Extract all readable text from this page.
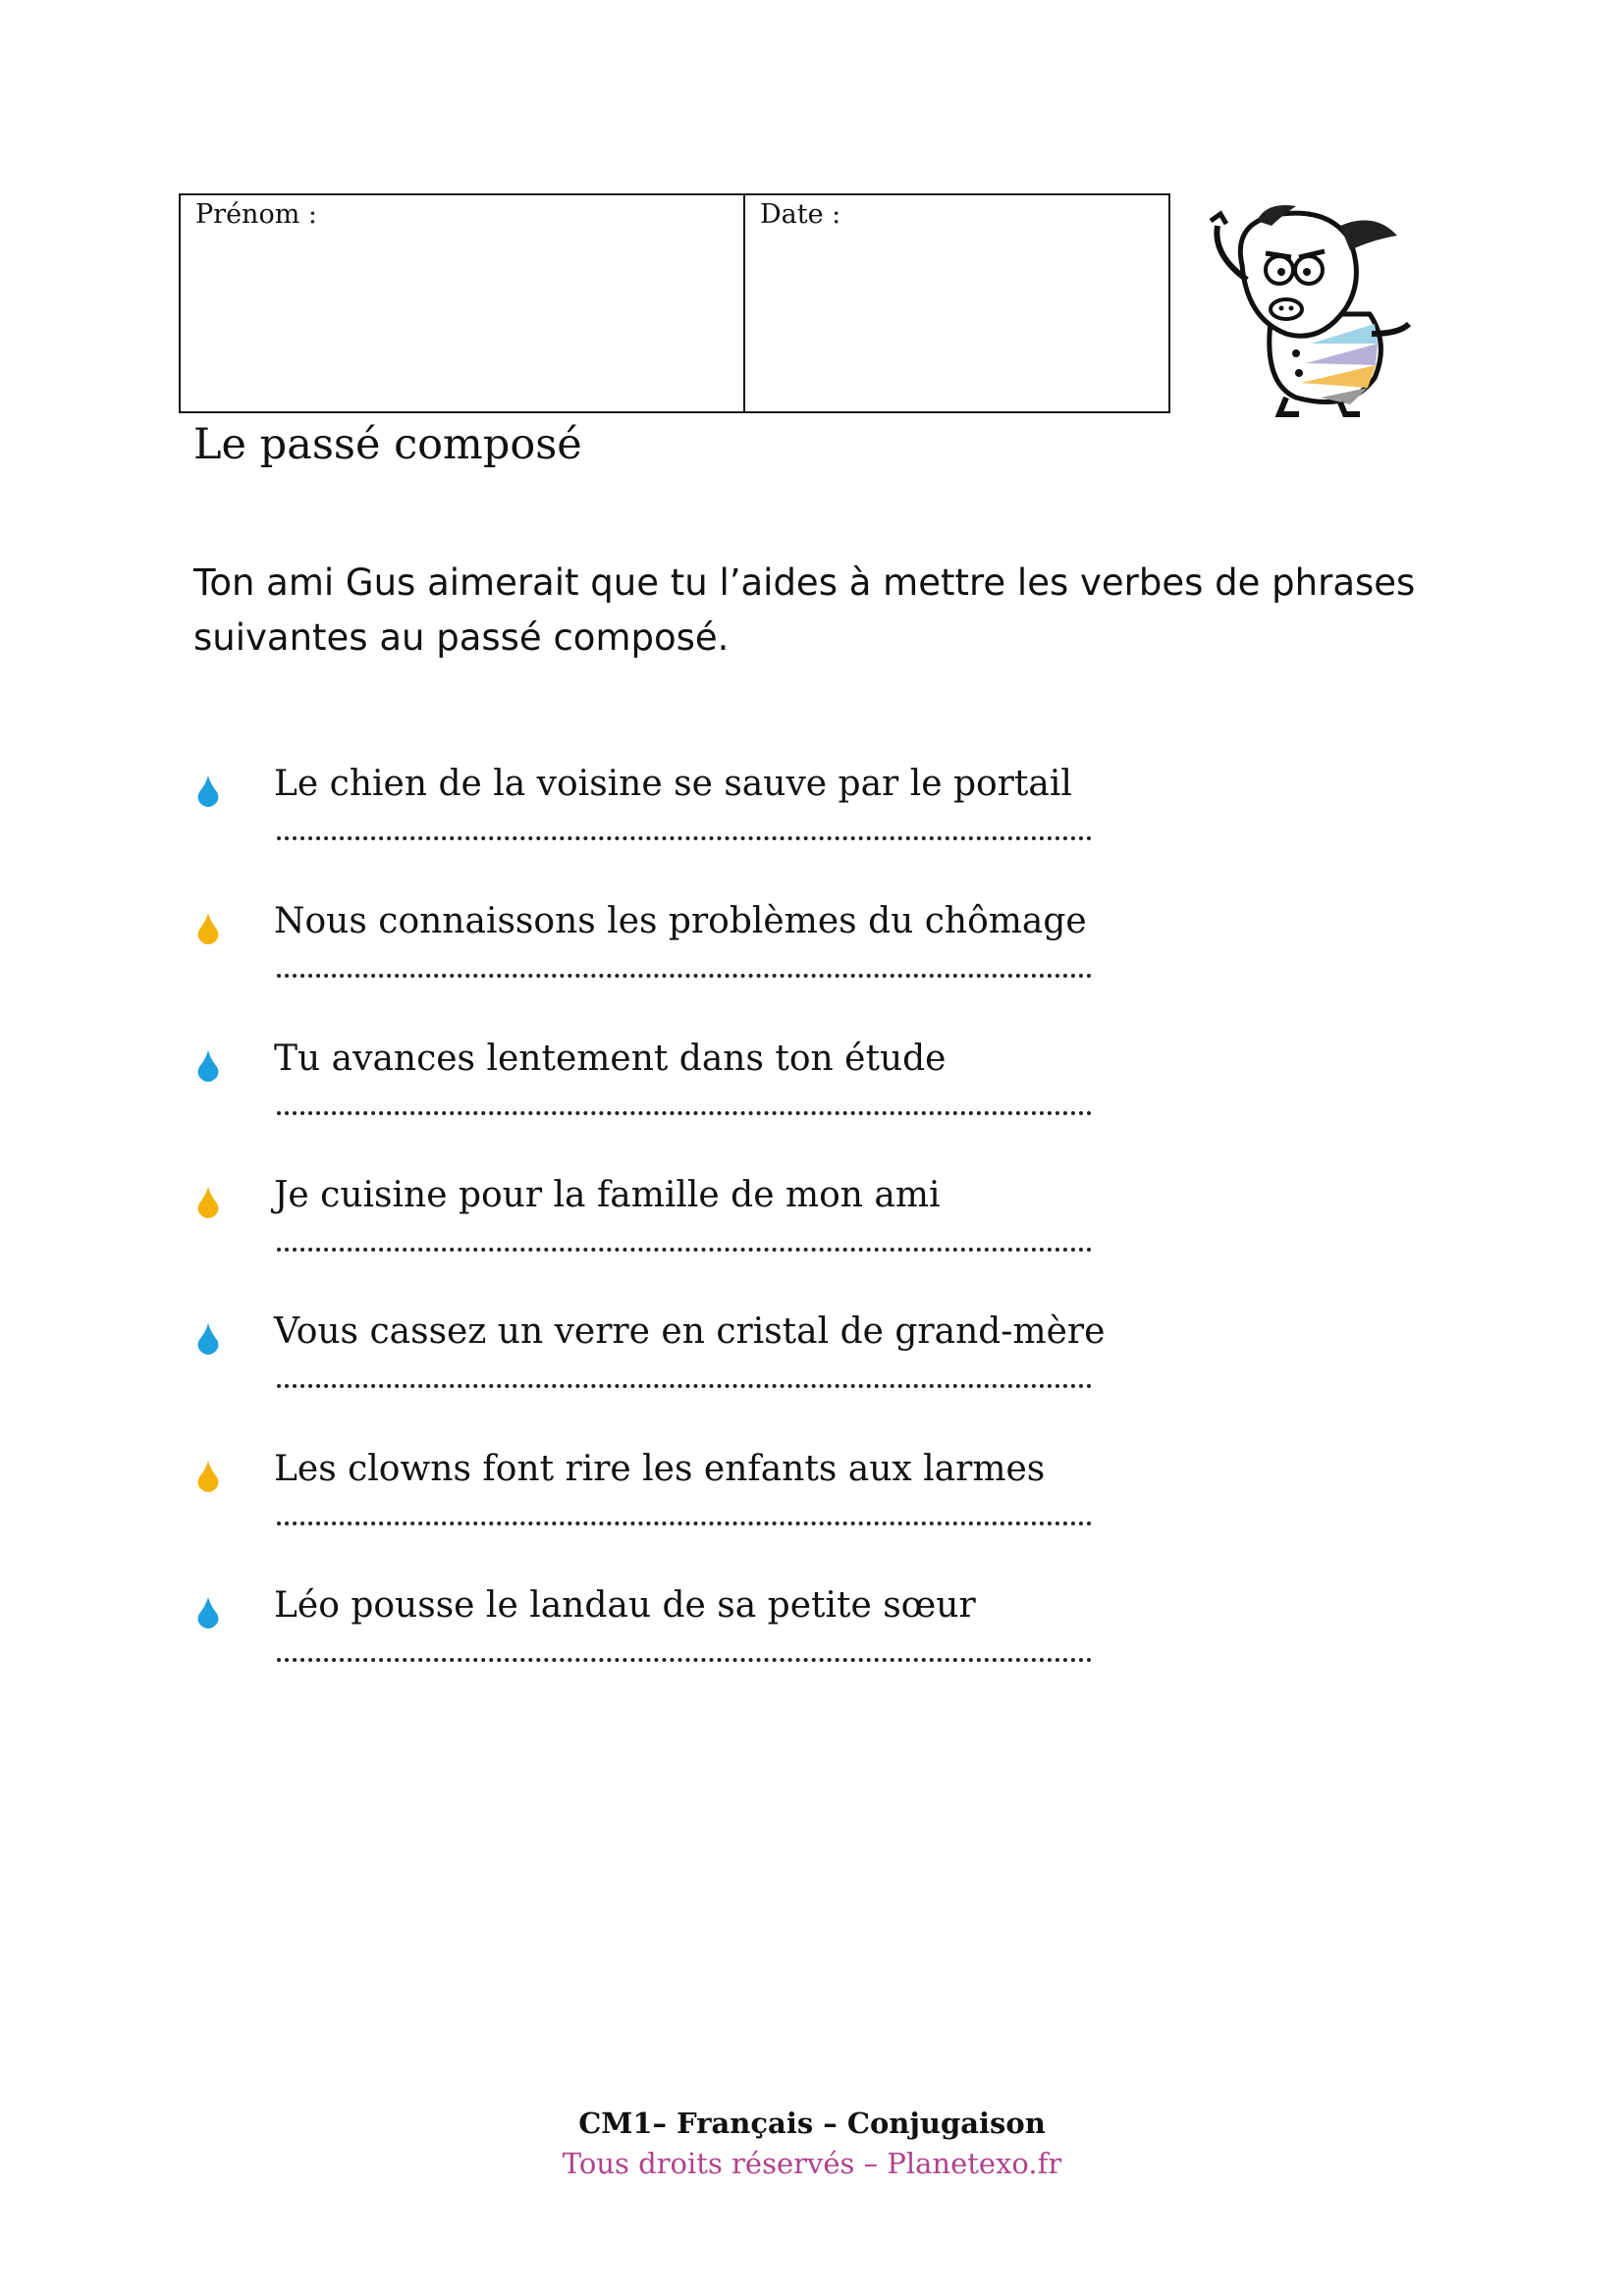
Prénom :	Date :
Le passé composé

Ton ami Gus aimerait que tu l’aides à mettre les verbes de phrases suivantes au passé composé.

Le chien de la voisine se sauve par le portail
Nous connaissons les problèmes du chômage
Tu avances lentement dans ton étude
Je cuisine pour la famille de mon ami
Vous cassez un verre en cristal de grand-mère
Les clowns font rire les enfants aux larmes
Léo pousse le landau de sa petite sœur
CM1– Français – Conjugaison
Tous droits réservés – Planetexo.fr
